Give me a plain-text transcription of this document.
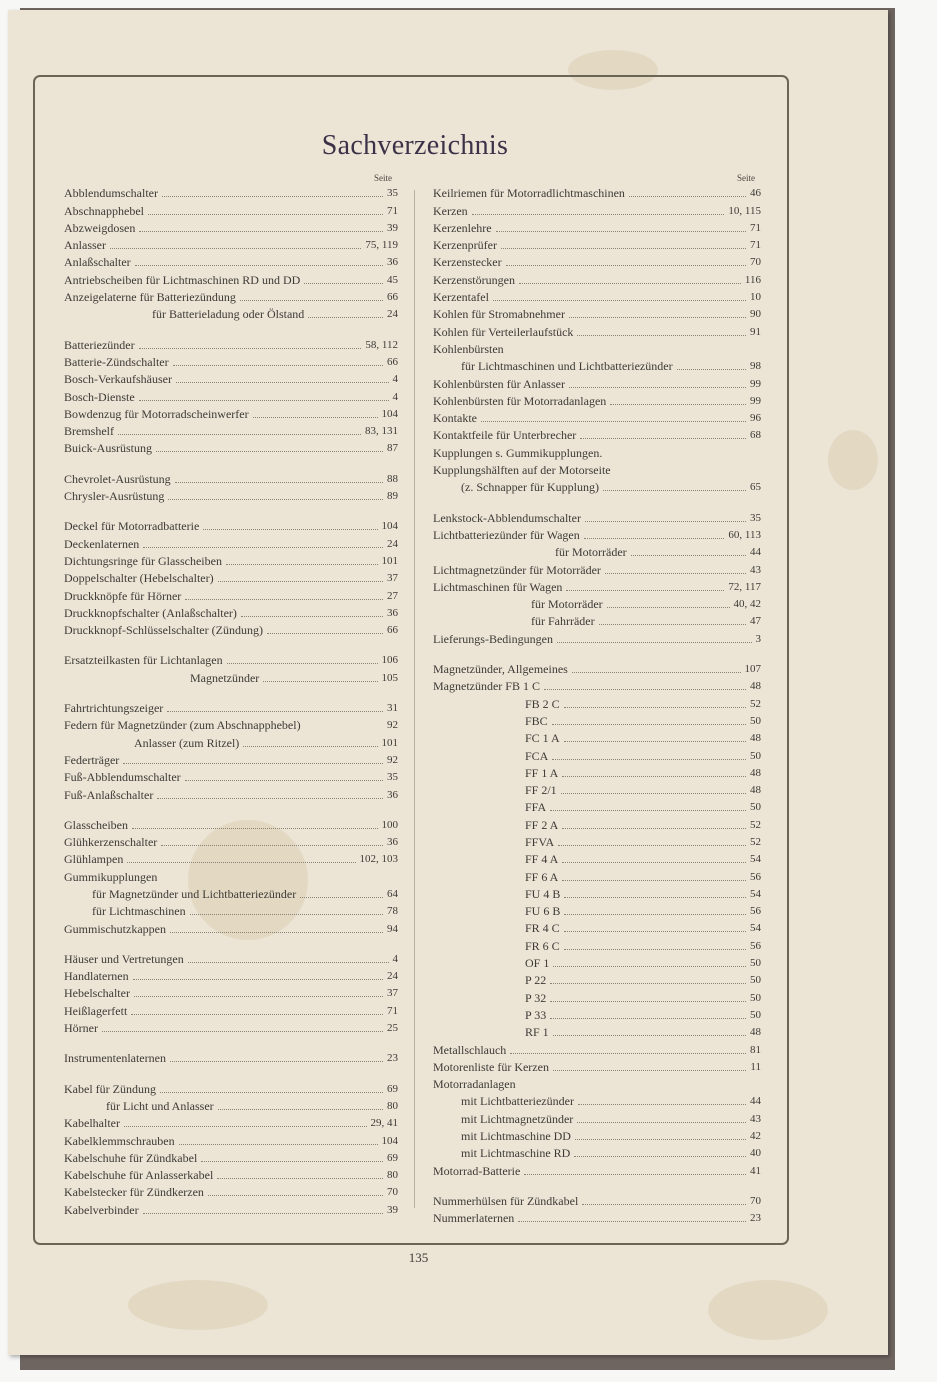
Sachverzeichnis
Seite
Abblendumschalter	35
Abschnapphebel	71
Abzweigdosen	39
Anlasser	75, 119
Anlaßschalter	36
Antriebscheiben für Lichtmaschinen RD und DD	45
Anzeigelaterne für Batteriezündung	66
für Batterieladung oder Ölstand	24
Batteriezünder	58, 112
Batterie-Zündschalter	66
Bosch-Verkaufshäuser	4
Bosch-Dienste	4
Bowdenzug für Motorradscheinwerfer	104
Bremshelf	83, 131
Buick-Ausrüstung	87
Chevrolet-Ausrüstung	88
Chrysler-Ausrüstung	89
Deckel für Motorradbatterie	104
Deckenlaternen	24
Dichtungsringe für Glasscheiben	101
Doppelschalter (Hebelschalter)	37
Druckknöpfe für Hörner	27
Druckknopfschalter (Anlaßschalter)	36
Druckknopf-Schlüsselschalter (Zündung)	66
Ersatzteilkasten für Lichtanlagen	106
Magnetzünder	105
Fahrtrichtungszeiger	31
Federn für Magnetzünder (zum Abschnapphebel)	92
Anlasser (zum Ritzel)	101
Federträger	92
Fuß-Abblendumschalter	35
Fuß-Anlaßschalter	36
Glasscheiben	100
Glühkerzenschalter	36
Glühlampen	102, 103
Gummikupplungen
für Magnetzünder und Lichtbatteriezünder	64
für Lichtmaschinen	78
Gummischutzkappen	94
Häuser und Vertretungen	4
Handlaternen	24
Hebelschalter	37
Heißlagerfett	71
Hörner	25
Instrumentenlaternen	23
Kabel für Zündung	69
für Licht und Anlasser	80
Kabelhalter	29, 41
Kabelklemmschrauben	104
Kabelschuhe für Zündkabel	69
Kabelschuhe für Anlasserkabel	80
Kabelstecker für Zündkerzen	70
Kabelverbinder	39
Seite
Keilriemen für Motorradlichtmaschinen	46
Kerzen	10, 115
Kerzenlehre	71
Kerzenprüfer	71
Kerzenstecker	70
Kerzenstörungen	116
Kerzentafel	10
Kohlen für Stromabnehmer	90
Kohlen für Verteilerlaufstück	91
Kohlenbürsten
für Lichtmaschinen und Lichtbatteriezünder	98
Kohlenbürsten für Anlasser	99
Kohlenbürsten für Motorradanlagen	99
Kontakte	96
Kontaktfeile für Unterbrecher	68
Kupplungen s. Gummikupplungen.
Kupplungshälften auf der Motorseite
(z. Schnapper für Kupplung)	65
Lenkstock-Abblendumschalter	35
Lichtbatteriezünder für Wagen	60, 113
für Motorräder	44
Lichtmagnetzünder für Motorräder	43
Lichtmaschinen für Wagen	72, 117
für Motorräder	40, 42
für Fahrräder	47
Lieferungs-Bedingungen	3
Magnetzünder, Allgemeines	107
Magnetzünder FB 1 C	48
FB 2 C	52
FBC	50
FC 1 A	48
FCA	50
FF 1 A	48
FF 2/1	48
FFA	50
FF 2 A	52
FFVA	52
FF 4 A	54
FF 6 A	56
FU 4 B	54
FU 6 B	56
FR 4 C	54
FR 6 C	56
OF 1	50
P 22	50
P 32	50
P 33	50
RF 1	48
Metallschlauch	81
Motorenliste für Kerzen	11
Motorradanlagen
mit Lichtbatteriezünder	44
mit Lichtmagnetzünder	43
mit Lichtmaschine DD	42
mit Lichtmaschine RD	40
Motorrad-Batterie	41
Nummerhülsen für Zündkabel	70
Nummerlaternen	23
135
